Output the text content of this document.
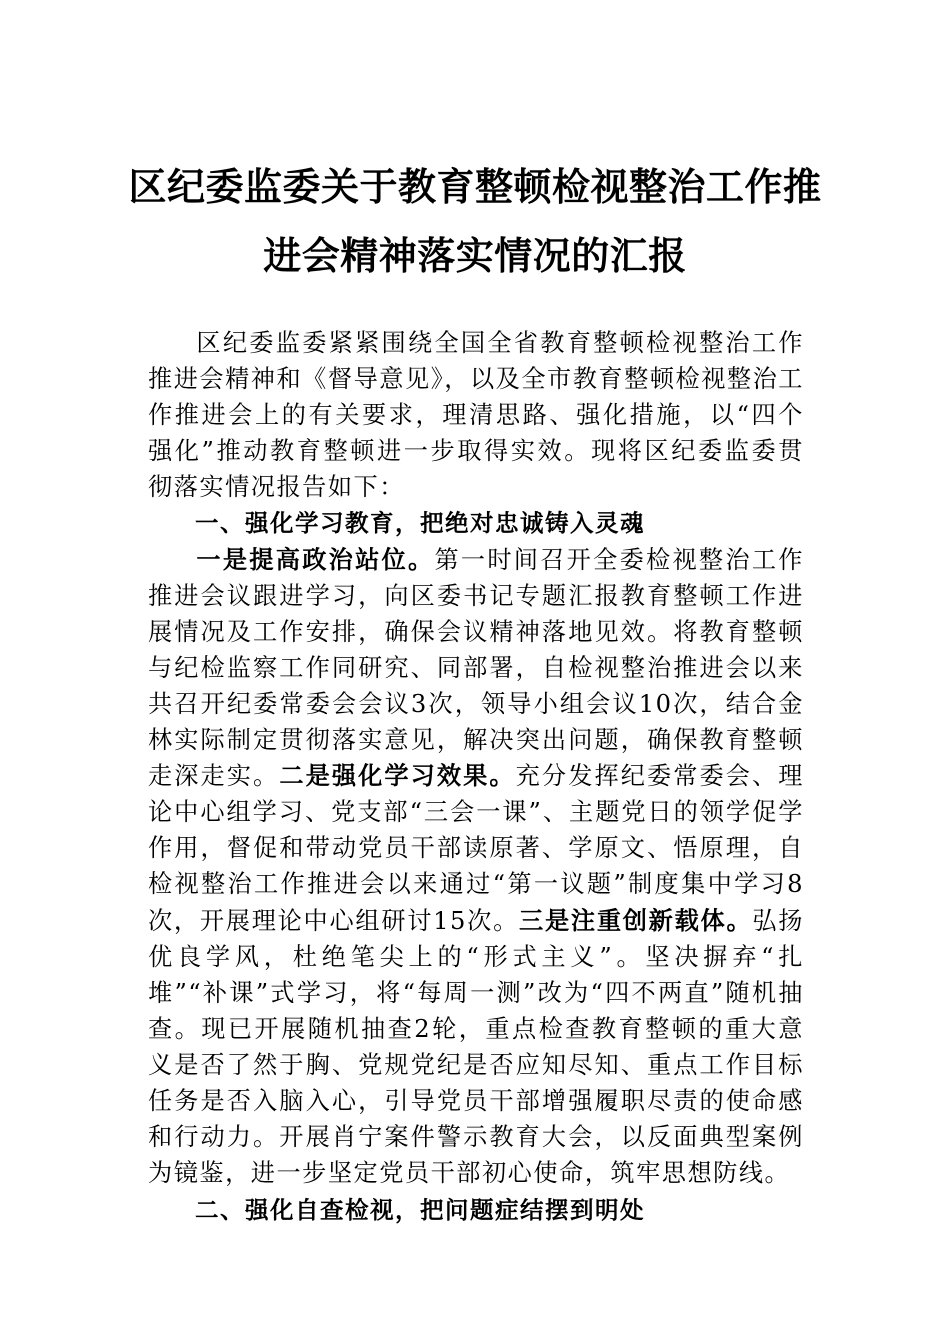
区纪委监委关于教育整顿检视整治工作推
进会精神落实情况的汇报

区纪委监委紧紧围绕全国全省教育整顿检视整治工作推进会精神和《督导意见》，以及全市教育整顿检视整治工作推进会上的有关要求，理清思路、强化措施，以“四个强化”推动教育整顿进一步取得实效。现将区纪委监委贯彻落实情况报告如下：

一、强化学习教育，把绝对忠诚铸入灵魂

一是提高政治站位。第一时间召开全委检视整治工作推进会议跟进学习，向区委书记专题汇报教育整顿工作进展情况及工作安排，确保会议精神落地见效。将教育整顿与纪检监察工作同研究、同部署，自检视整治推进会以来共召开纪委常委会会议3次，领导小组会议10次，结合金林实际制定贯彻落实意见，解决突出问题，确保教育整顿走深走实。二是强化学习效果。充分发挥纪委常委会、理论中心组学习、党支部“三会一课”、主题党日的领学促学作用，督促和带动党员干部读原著、学原文、悟原理，自检视整治工作推进会以来通过“第一议题”制度集中学习8次，开展理论中心组研讨15次。三是注重创新载体。弘扬优良学风，杜绝笔尖上的“形式主义”。坚决摒弃“扎堆”“补课”式学习，将“每周一测”改为“四不两直”随机抽查。现已开展随机抽查2轮，重点检查教育整顿的重大意义是否了然于胸、党规党纪是否应知尽知、重点工作目标任务是否入脑入心，引导党员干部增强履职尽责的使命感和行动力。开展肖宁案件警示教育大会，以反面典型案例为镜鉴，进一步坚定党员干部初心使命，筑牢思想防线。

二、强化自查检视，把问题症结摆到明处
